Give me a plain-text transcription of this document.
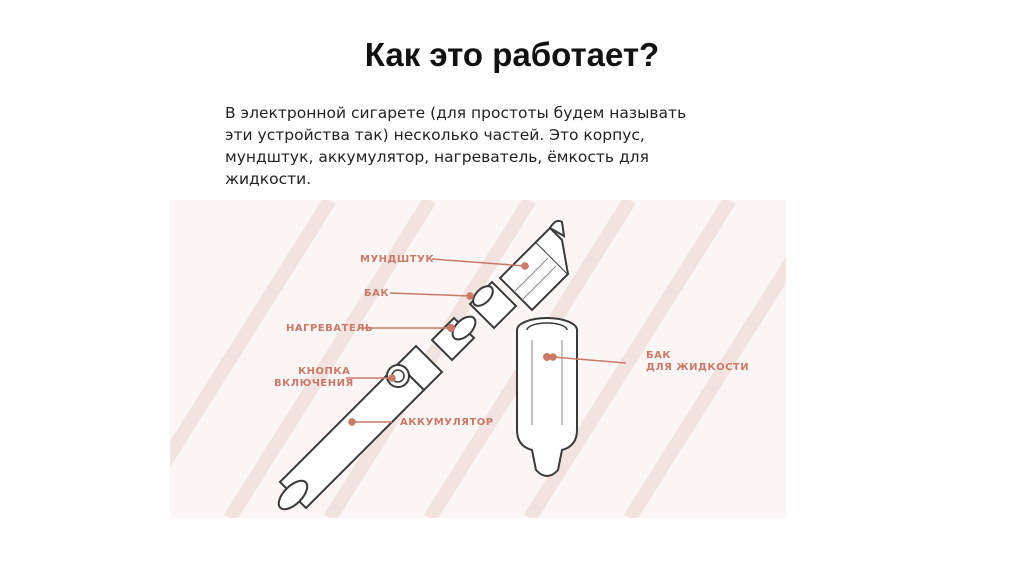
Как это работает?
В электронной сигарете (для простоты будем называть эти устройства так) несколько частей. Это корпус, мундштук, аккумулятор, нагреватель, ёмкость для жидкости.
МУНДШТУК
БАК
НАГРЕВАТЕЛЬ
КНОПКА
ВКЛЮЧЕНИЯ
АККУМУЛЯТОР
БАК
ДЛЯ ЖИДКОСТИ
